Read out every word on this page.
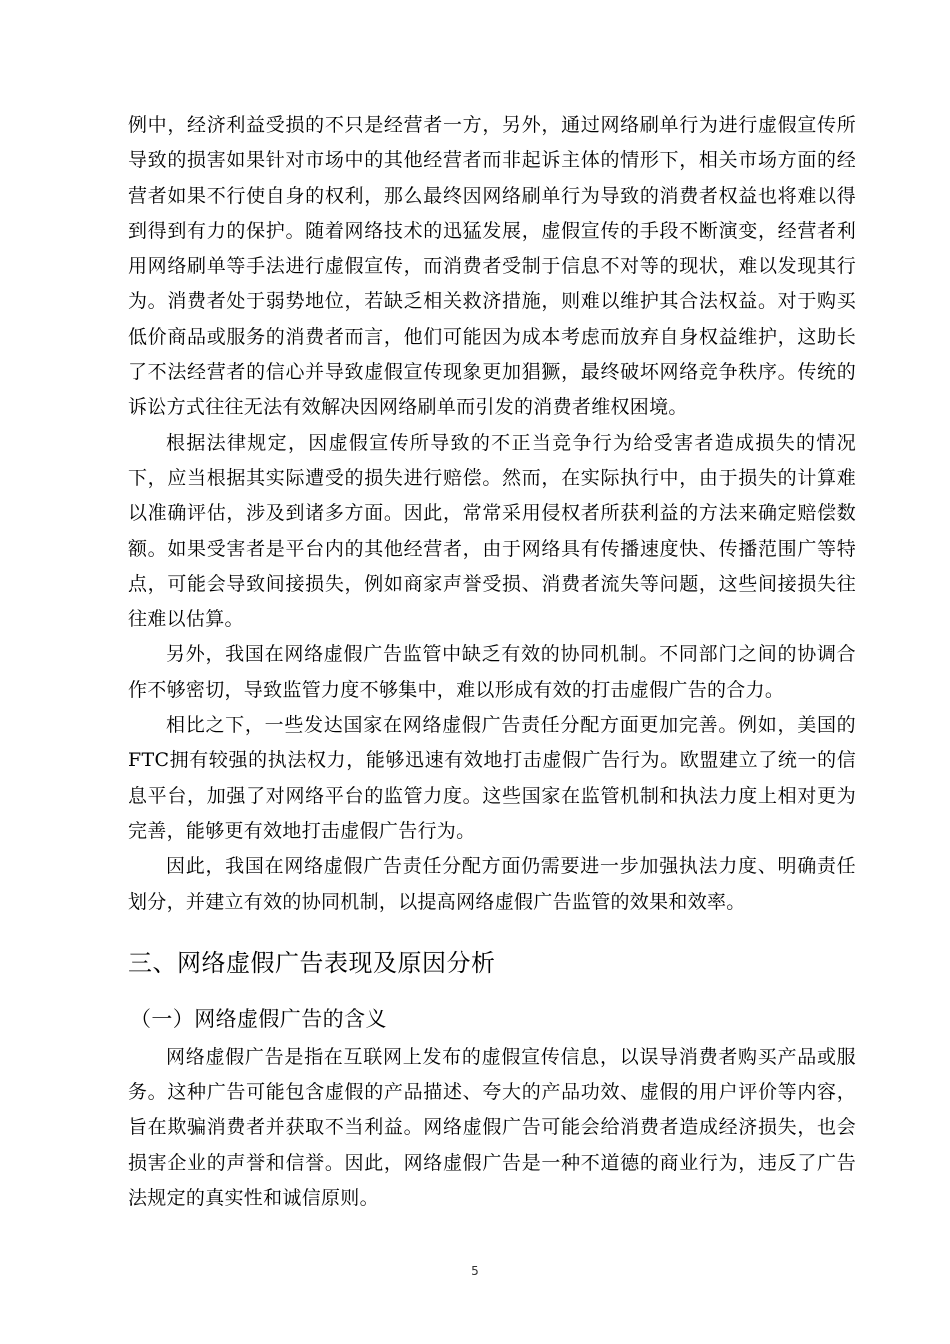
例中，经济利益受损的不只是经营者一方，另外，通过网络刷单行为进行虚假宣传所导致的损害如果针对市场中的其他经营者而非起诉主体的情形下，相关市场方面的经营者如果不行使自身的权利，那么最终因网络刷单行为导致的消费者权益也将难以得到得到有力的保护。随着网络技术的迅猛发展，虚假宣传的手段不断演变，经营者利用网络刷单等手法进行虚假宣传，而消费者受制于信息不对等的现状，难以发现其行为。消费者处于弱势地位，若缺乏相关救济措施，则难以维护其合法权益。对于购买低价商品或服务的消费者而言，他们可能因为成本考虑而放弃自身权益维护，这助长了不法经营者的信心并导致虚假宣传现象更加猖獗，最终破坏网络竞争秩序。传统的诉讼方式往往无法有效解决因网络刷单而引发的消费者维权困境。

根据法律规定，因虚假宣传所导致的不正当竞争行为给受害者造成损失的情况下，应当根据其实际遭受的损失进行赔偿。然而，在实际执行中，由于损失的计算难以准确评估，涉及到诸多方面。因此，常常采用侵权者所获利益的方法来确定赔偿数额。如果受害者是平台内的其他经营者，由于网络具有传播速度快、传播范围广等特点，可能会导致间接损失，例如商家声誉受损、消费者流失等问题，这些间接损失往往难以估算。

另外，我国在网络虚假广告监管中缺乏有效的协同机制。不同部门之间的协调合作不够密切，导致监管力度不够集中，难以形成有效的打击虚假广告的合力。

相比之下，一些发达国家在网络虚假广告责任分配方面更加完善。例如，美国的FTC拥有较强的执法权力，能够迅速有效地打击虚假广告行为。欧盟建立了统一的信息平台，加强了对网络平台的监管力度。这些国家在监管机制和执法力度上相对更为完善，能够更有效地打击虚假广告行为。

因此，我国在网络虚假广告责任分配方面仍需要进一步加强执法力度、明确责任划分，并建立有效的协同机制，以提高网络虚假广告监管的效果和效率。

三、网络虚假广告表现及原因分析
（一）网络虚假广告的含义

网络虚假广告是指在互联网上发布的虚假宣传信息，以误导消费者购买产品或服务。这种广告可能包含虚假的产品描述、夸大的产品功效、虚假的用户评价等内容，旨在欺骗消费者并获取不当利益。网络虚假广告可能会给消费者造成经济损失，也会损害企业的声誉和信誉。因此，网络虚假广告是一种不道德的商业行为，违反了广告法规定的真实性和诚信原则。

5
